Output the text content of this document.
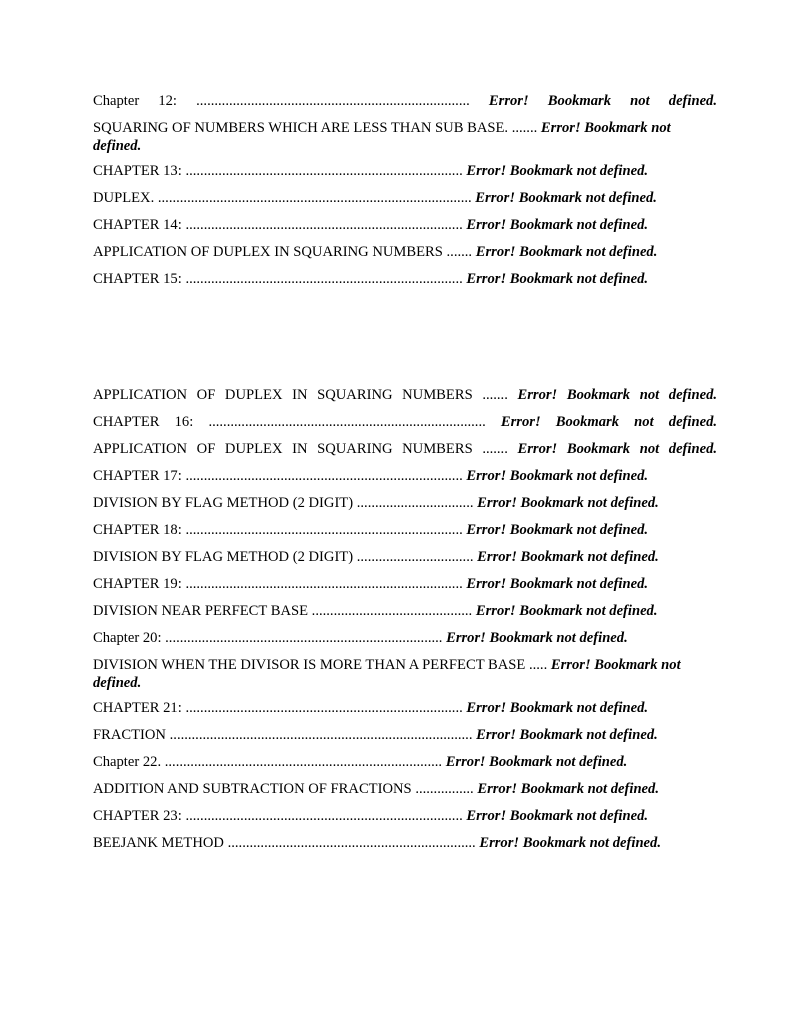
Chapter 12: ........................................................................... Error! Bookmark not defined.

SQUARING OF NUMBERS WHICH ARE LESS THAN SUB BASE. ....... Error! Bookmark not defined.

CHAPTER 13: ............................................................................ Error! Bookmark not defined.

DUPLEX. ...................................................................................... Error! Bookmark not defined.

CHAPTER 14: ............................................................................ Error! Bookmark not defined.

APPLICATION OF DUPLEX IN SQUARING NUMBERS ....... Error! Bookmark not defined.

CHAPTER 15: ............................................................................ Error! Bookmark not defined.

APPLICATION OF DUPLEX IN SQUARING NUMBERS ....... Error! Bookmark not defined.

CHAPTER 16: ............................................................................ Error! Bookmark not defined.

APPLICATION OF DUPLEX IN SQUARING NUMBERS ....... Error! Bookmark not defined.

CHAPTER 17: ............................................................................ Error! Bookmark not defined.

DIVISION BY FLAG METHOD (2 DIGIT) ................................ Error! Bookmark not defined.

CHAPTER 18: ............................................................................ Error! Bookmark not defined.

DIVISION BY FLAG METHOD (2 DIGIT) ................................ Error! Bookmark not defined.

CHAPTER 19: ............................................................................ Error! Bookmark not defined.

DIVISION NEAR PERFECT BASE ............................................ Error! Bookmark not defined.

Chapter 20: ............................................................................ Error! Bookmark not defined.

DIVISION WHEN THE DIVISOR IS MORE THAN A PERFECT BASE ..... Error! Bookmark not defined.

CHAPTER 21: ............................................................................ Error! Bookmark not defined.

FRACTION ................................................................................... Error! Bookmark not defined.

Chapter 22. ............................................................................ Error! Bookmark not defined.

ADDITION AND SUBTRACTION OF FRACTIONS ................ Error! Bookmark not defined.

CHAPTER 23: ............................................................................ Error! Bookmark not defined.

BEEJANK METHOD .................................................................... Error! Bookmark not defined.
